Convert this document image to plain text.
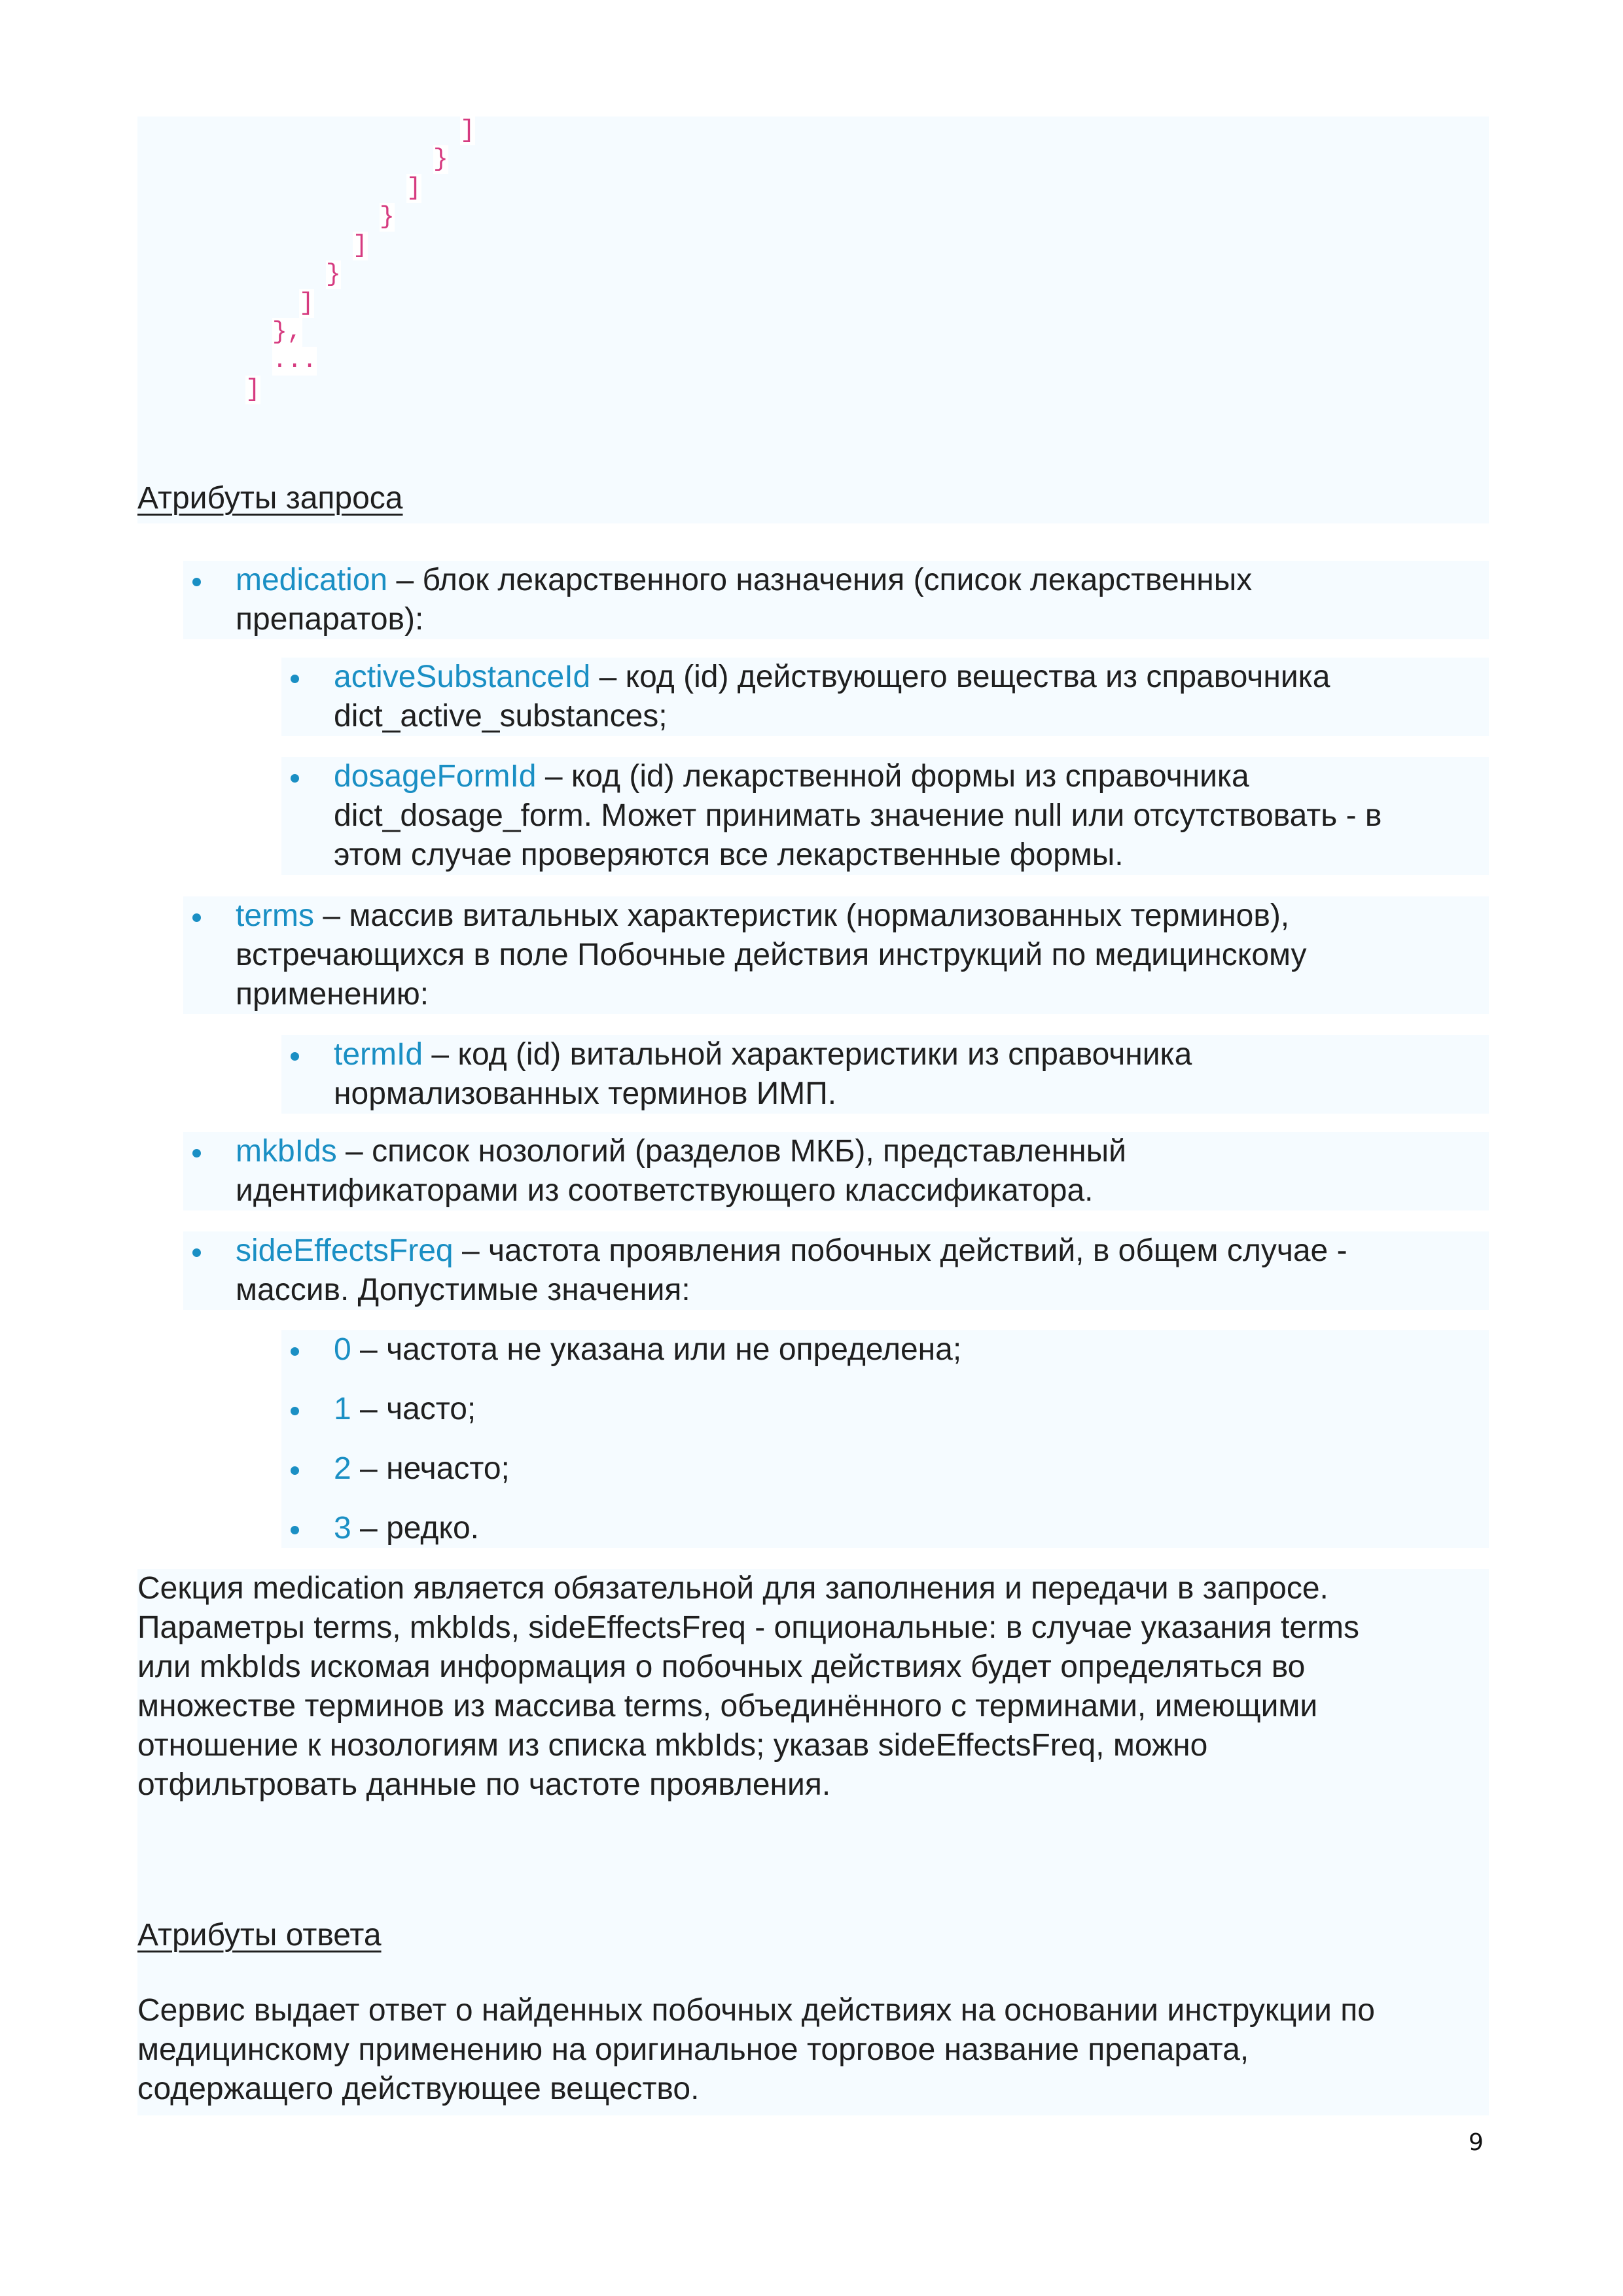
]
}
]
}
]
}
]
},
...
]
Атрибуты запроса
medication – блок лекарственного назначения (список лекарственных
препаратов):
activeSubstanceId – код (id) действующего вещества из справочника
dict_active_substances;
dosageFormId – код (id) лекарственной формы из справочника
dict_dosage_form. Может принимать значение null или отсутствовать - в
этом случае проверяются все лекарственные формы.
terms – массив витальных характеристик (нормализованных терминов),
встречающихся в поле Побочные действия инструкций по медицинскому
применению:
termId – код (id) витальной характеристики из справочника
нормализованных терминов ИМП.
mkbIds – список нозологий (разделов МКБ), представленный
идентификаторами из соответствующего классификатора.
sideEffectsFreq – частота проявления побочных действий, в общем случае -
массив. Допустимые значения:
0 – частота не указана или не определена;
1 – часто;
2 – нечасто;
3 – редко.
Секция medication является обязательной для заполнения и передачи в запросе.
Параметры terms, mkbIds, sideEffectsFreq - опциональные: в случае указания terms
или mkbIds искомая информация о побочных действиях будет определяться во
множестве терминов из массива terms, объединённого с терминами, имеющими
отношение к нозологиям из списка mkbIds; указав sideEffectsFreq, можно
отфильтровать данные по частоте проявления.
Атрибуты ответа
Сервис выдает ответ о найденных побочных действиях на основании инструкции по
медицинскому применению на оригинальное торговое название препарата,
содержащего действующее вещество.
9
